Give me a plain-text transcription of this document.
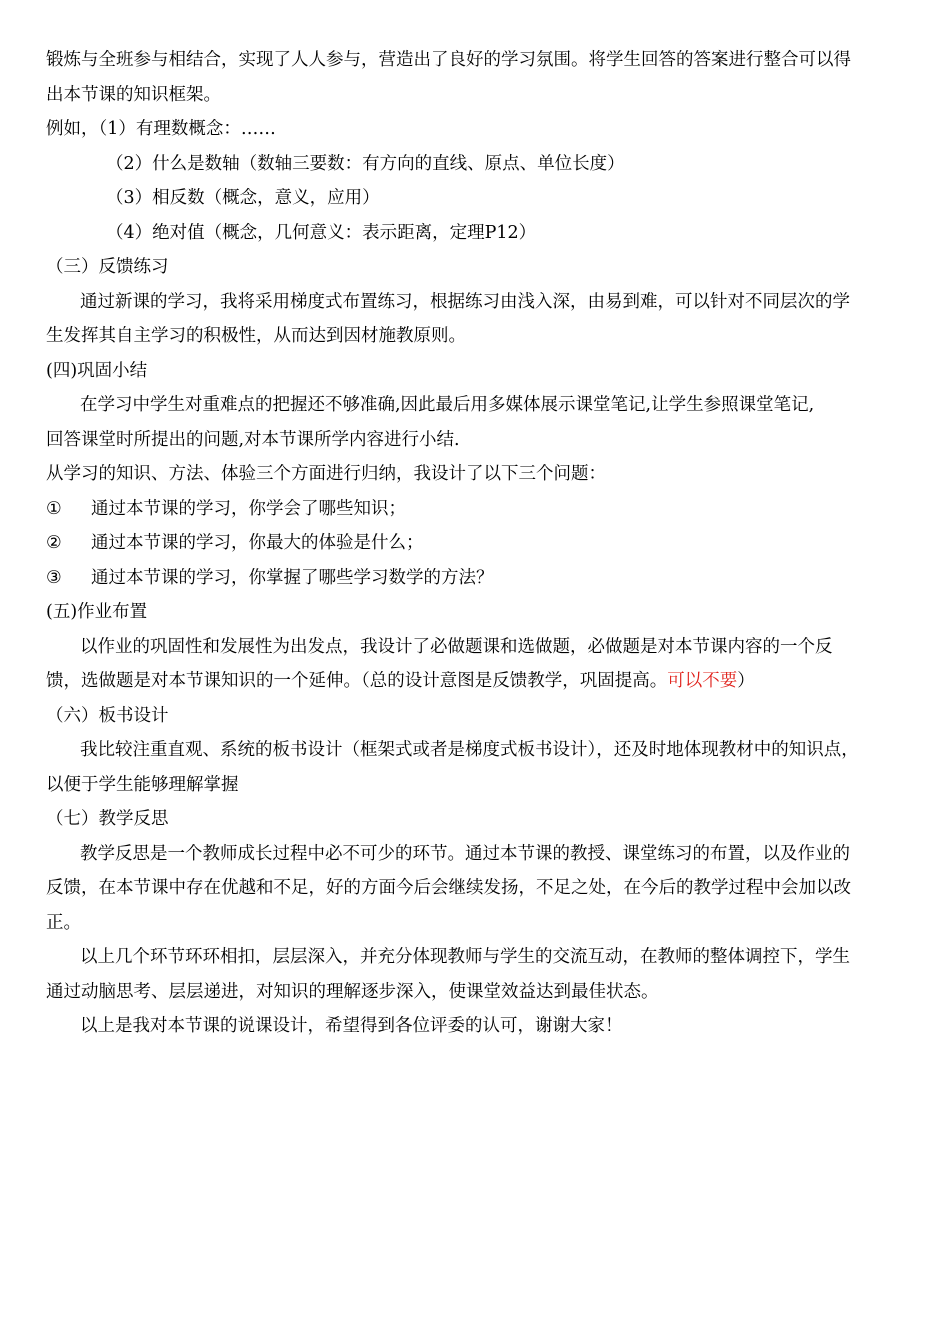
锻炼与全班参与相结合，实现了人人参与，营造出了良好的学习氛围。将学生回答的答案进行整合可以得
出本节课的知识框架。
例如，（1）有理数概念：……
（2）什么是数轴（数轴三要数：有方向的直线、原点、单位长度）
（3）相反数（概念，意义，应用）
（4）绝对值（概念，几何意义：表示距离，定理P12）
（三）反馈练习
通过新课的学习，我将采用梯度式布置练习，根据练习由浅入深，由易到难，可以针对不同层次的学
生发挥其自主学习的积极性，从而达到因材施教原则。
(四)巩固小结
在学习中学生对重难点的把握还不够准确,因此最后用多媒体展示课堂笔记,让学生参照课堂笔记,
回答课堂时所提出的问题,对本节课所学内容进行小结.
从学习的知识、方法、体验三个方面进行归纳，我设计了以下三个问题：
① 通过本节课的学习，你学会了哪些知识；
② 通过本节课的学习，你最大的体验是什么；
③ 通过本节课的学习，你掌握了哪些学习数学的方法？
(五)作业布置
以作业的巩固性和发展性为出发点，我设计了必做题课和选做题，必做题是对本节课内容的一个反
馈，选做题是对本节课知识的一个延伸。（总的设计意图是反馈教学，巩固提高。可以不要）
（六）板书设计
我比较注重直观、系统的板书设计（框架式或者是梯度式板书设计），还及时地体现教材中的知识点，
以便于学生能够理解掌握
（七）教学反思
教学反思是一个教师成长过程中必不可少的环节。通过本节课的教授、课堂练习的布置，以及作业的
反馈，在本节课中存在优越和不足，好的方面今后会继续发扬，不足之处，在今后的教学过程中会加以改
正。
以上几个环节环环相扣，层层深入，并充分体现教师与学生的交流互动，在教师的整体调控下，学生
通过动脑思考、层层递进，对知识的理解逐步深入，使课堂效益达到最佳状态。
以上是我对本节课的说课设计，希望得到各位评委的认可，谢谢大家！
